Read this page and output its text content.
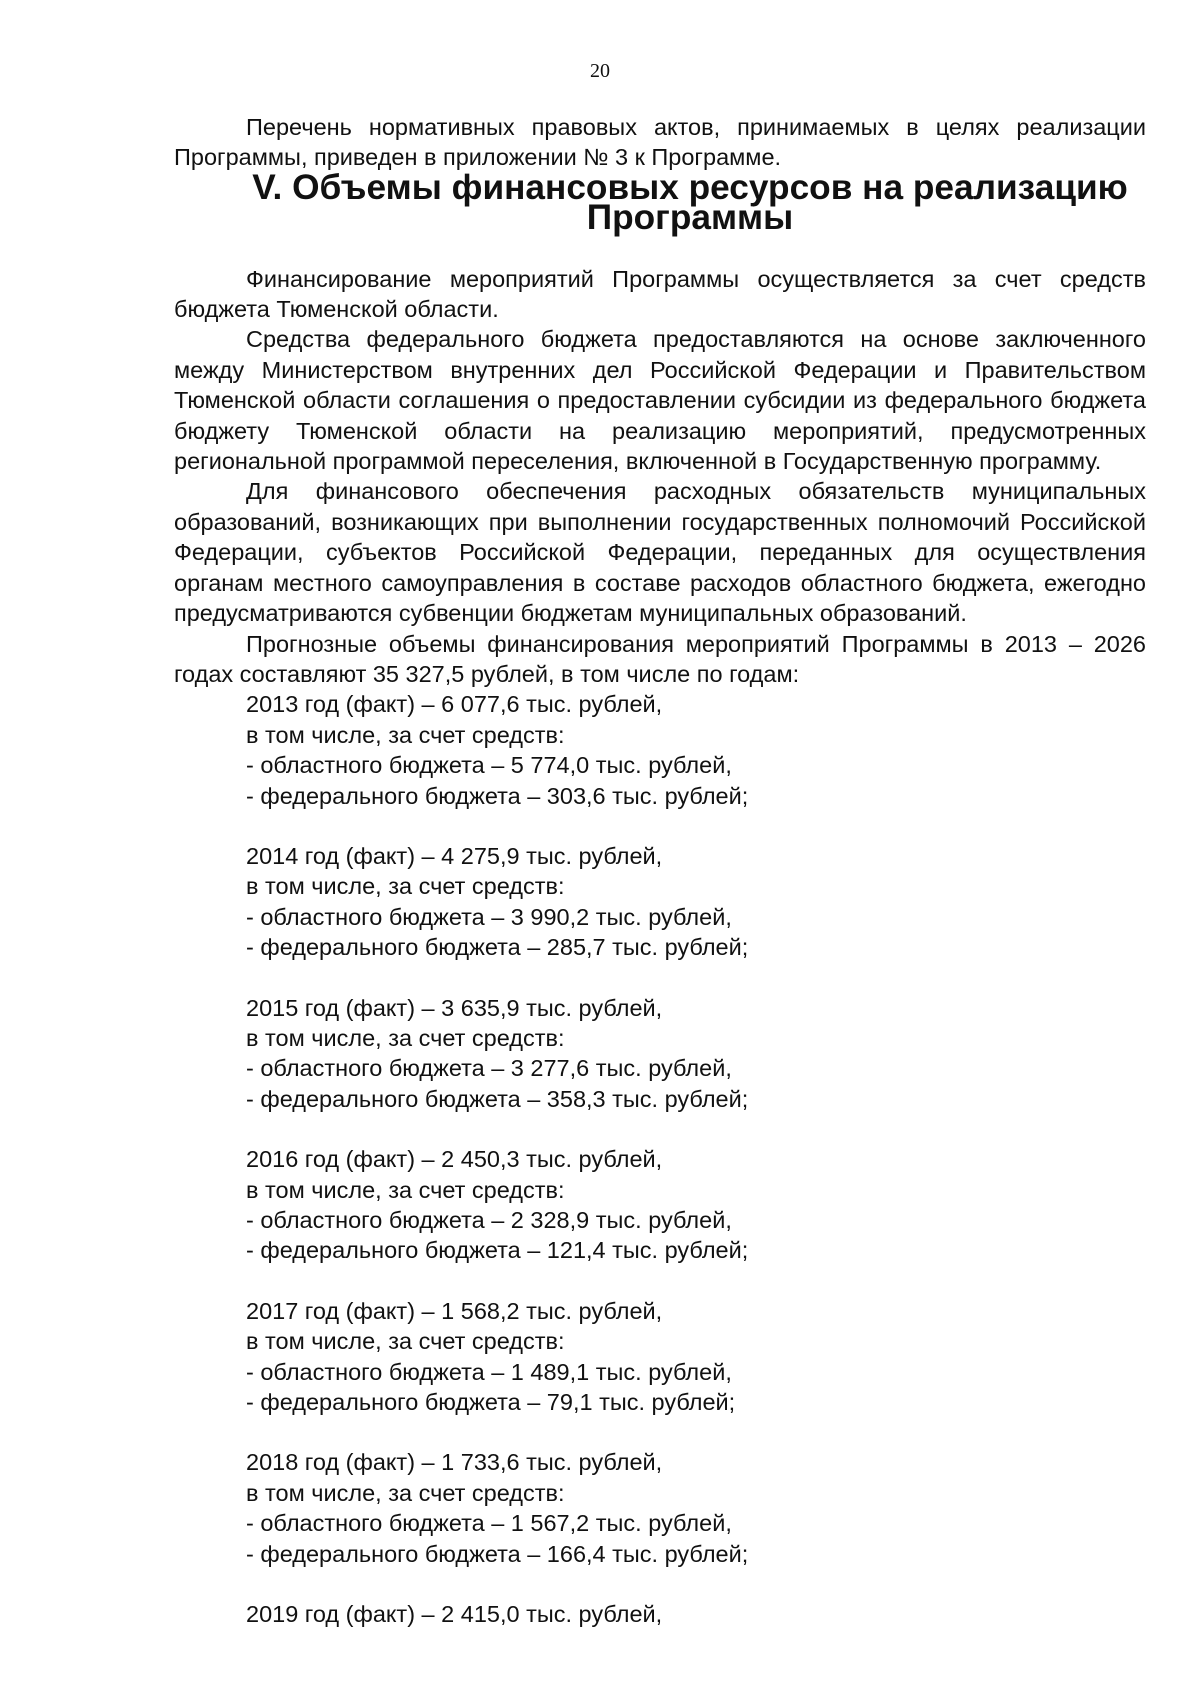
20

Перечень нормативных правовых актов, принимаемых в целях реализации Программы, приведен в приложении № 3 к Программе.

V. Объемы финансовых ресурсов на реализацию Программы

Финансирование мероприятий Программы осуществляется за счет средств бюджета Тюменской области.

Средства федерального бюджета предоставляются на основе заключенного между Министерством внутренних дел Российской Федерации и Правительством Тюменской области соглашения о предоставлении субсидии из федерального бюджета бюджету Тюменской области на реализацию мероприятий, предусмотренных региональной программой переселения, включенной в Государственную программу.

Для финансового обеспечения расходных обязательств муниципальных образований, возникающих при выполнении государственных полномочий Российской Федерации, субъектов Российской Федерации, переданных для осуществления органам местного самоуправления в составе расходов областного бюджета, ежегодно предусматриваются субвенции бюджетам муниципальных образований.

Прогнозные объемы финансирования мероприятий Программы в 2013 – 2026 годах составляют 35 327,5 рублей, в том числе по годам:

2013 год (факт) – 6 077,6 тыс. рублей,
в том числе, за счет средств:
- областного бюджета – 5 774,0 тыс. рублей,
- федерального бюджета – 303,6 тыс. рублей;
2014 год (факт) – 4 275,9 тыс. рублей,
в том числе, за счет средств:
- областного бюджета – 3 990,2 тыс. рублей,
- федерального бюджета – 285,7 тыс. рублей;
2015 год (факт) – 3 635,9 тыс. рублей,
в том числе, за счет средств:
- областного бюджета – 3 277,6 тыс. рублей,
- федерального бюджета – 358,3 тыс. рублей;
2016 год (факт) – 2 450,3 тыс. рублей,
в том числе, за счет средств:
- областного бюджета – 2 328,9 тыс. рублей,
- федерального бюджета – 121,4 тыс. рублей;
2017 год (факт) – 1 568,2 тыс. рублей,
в том числе, за счет средств:
- областного бюджета – 1 489,1 тыс. рублей,
- федерального бюджета – 79,1 тыс. рублей;
2018 год (факт) – 1 733,6 тыс. рублей,
в том числе, за счет средств:
- областного бюджета – 1 567,2 тыс. рублей,
- федерального бюджета – 166,4 тыс. рублей;
2019 год (факт) – 2 415,0 тыс. рублей,
